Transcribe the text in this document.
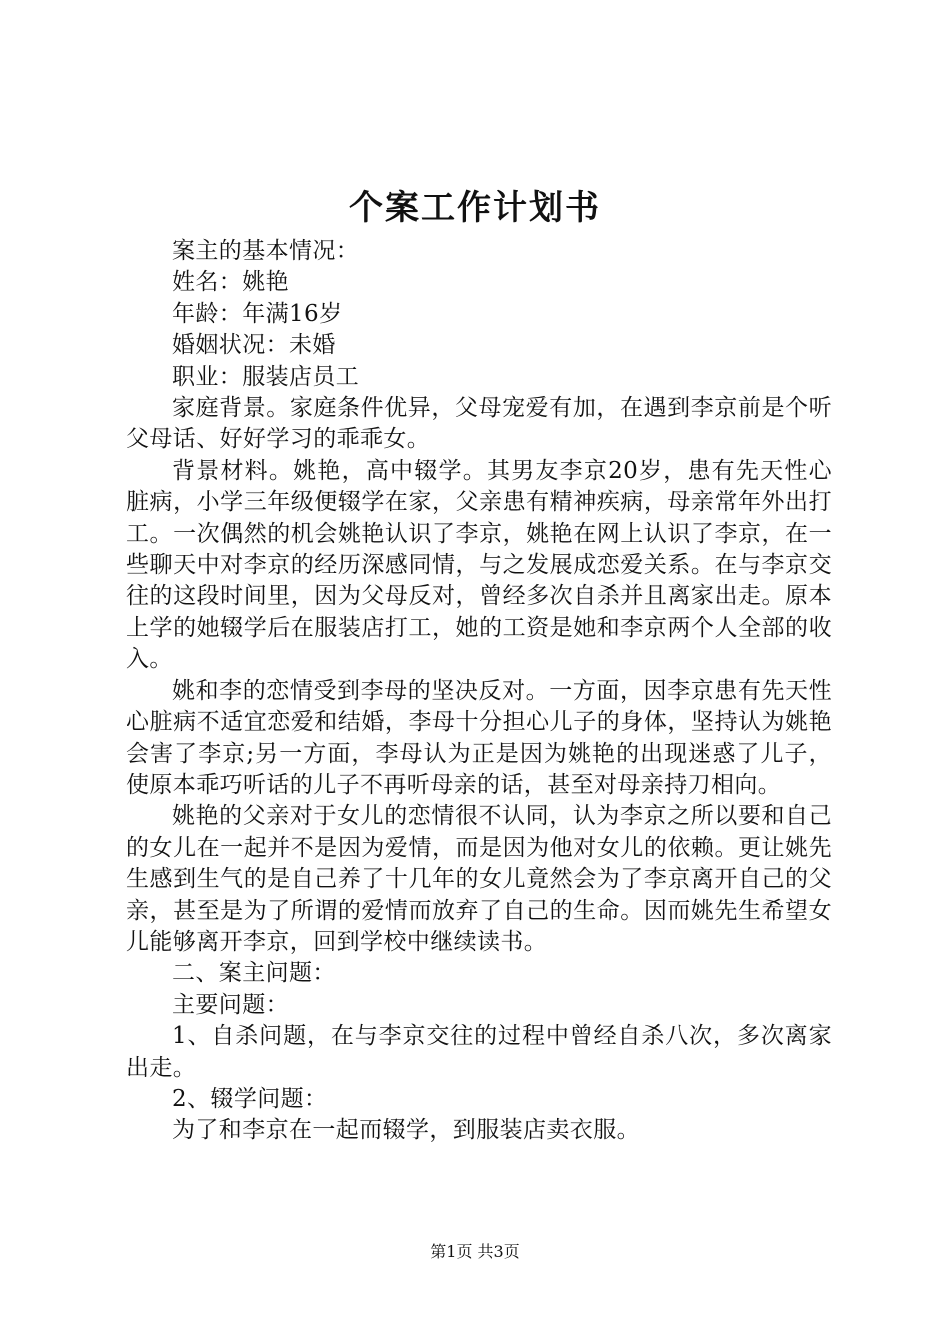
个案工作计划书

案主的基本情况：

姓名：姚艳

年龄：年满16岁

婚姻状况：未婚

职业：服装店员工

家庭背景。家庭条件优异，父母宠爱有加，在遇到李京前是个听父母话、好好学习的乖乖女。

背景材料。姚艳，高中辍学。其男友李京20岁，患有先天性心脏病，小学三年级便辍学在家，父亲患有精神疾病，母亲常年外出打工。一次偶然的机会姚艳认识了李京，姚艳在网上认识了李京，在一些聊天中对李京的经历深感同情，与之发展成恋爱关系。在与李京交往的这段时间里，因为父母反对，曾经多次自杀并且离家出走。原本上学的她辍学后在服装店打工，她的工资是她和李京两个人全部的收入。

姚和李的恋情受到李母的坚决反对。一方面，因李京患有先天性心脏病不适宜恋爱和结婚，李母十分担心儿子的身体，坚持认为姚艳会害了李京;另一方面，李母认为正是因为姚艳的出现迷惑了儿子，使原本乖巧听话的儿子不再听母亲的话，甚至对母亲持刀相向。

姚艳的父亲对于女儿的恋情很不认同，认为李京之所以要和自己的女儿在一起并不是因为爱情，而是因为他对女儿的依赖。更让姚先生感到生气的是自己养了十几年的女儿竟然会为了李京离开自己的父亲，甚至是为了所谓的爱情而放弃了自己的生命。因而姚先生希望女儿能够离开李京，回到学校中继续读书。

二、案主问题：

主要问题：

1、自杀问题，在与李京交往的过程中曾经自杀八次，多次离家出走。

2、辍学问题：

为了和李京在一起而辍学，到服装店卖衣服。

第1页 共3页
